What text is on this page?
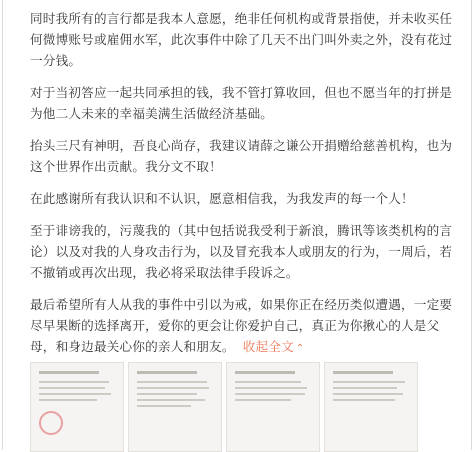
同时我所有的言行都是我本人意愿，绝非任何机构或背景指使，并未收买任何微博账号或雇佣水军，此次事件中除了几天不出门叫外卖之外，没有花过一分钱。

对于当初答应一起共同承担的钱，我不管打算收回，但也不愿当年的打拼是为他二人未来的幸福美满生活做经济基础。

抬头三尺有神明，吾良心尚存，我建议请薛之谦公开捐赠给慈善机构，也为这个世界作出贡献。我分文不取！

在此感谢所有我认识和不认识，愿意相信我，为我发声的每一个人！

至于诽谤我的，污蔑我的（其中包括说我受利于新浪，腾讯等该类机构的言论）以及对我的人身攻击行为，以及冒充我本人或朋友的行为，一周后，若不撤销或再次出现，我必将采取法律手段诉之。

最后希望所有人从我的事件中引以为戒，如果你正在经历类似遭遇，一定要尽早果断的选择离开，爱你的更会让你爱护自己，真正为你揪心的人是父母，和身边最关心你的亲人和朋友。 收起全文 ⌃
